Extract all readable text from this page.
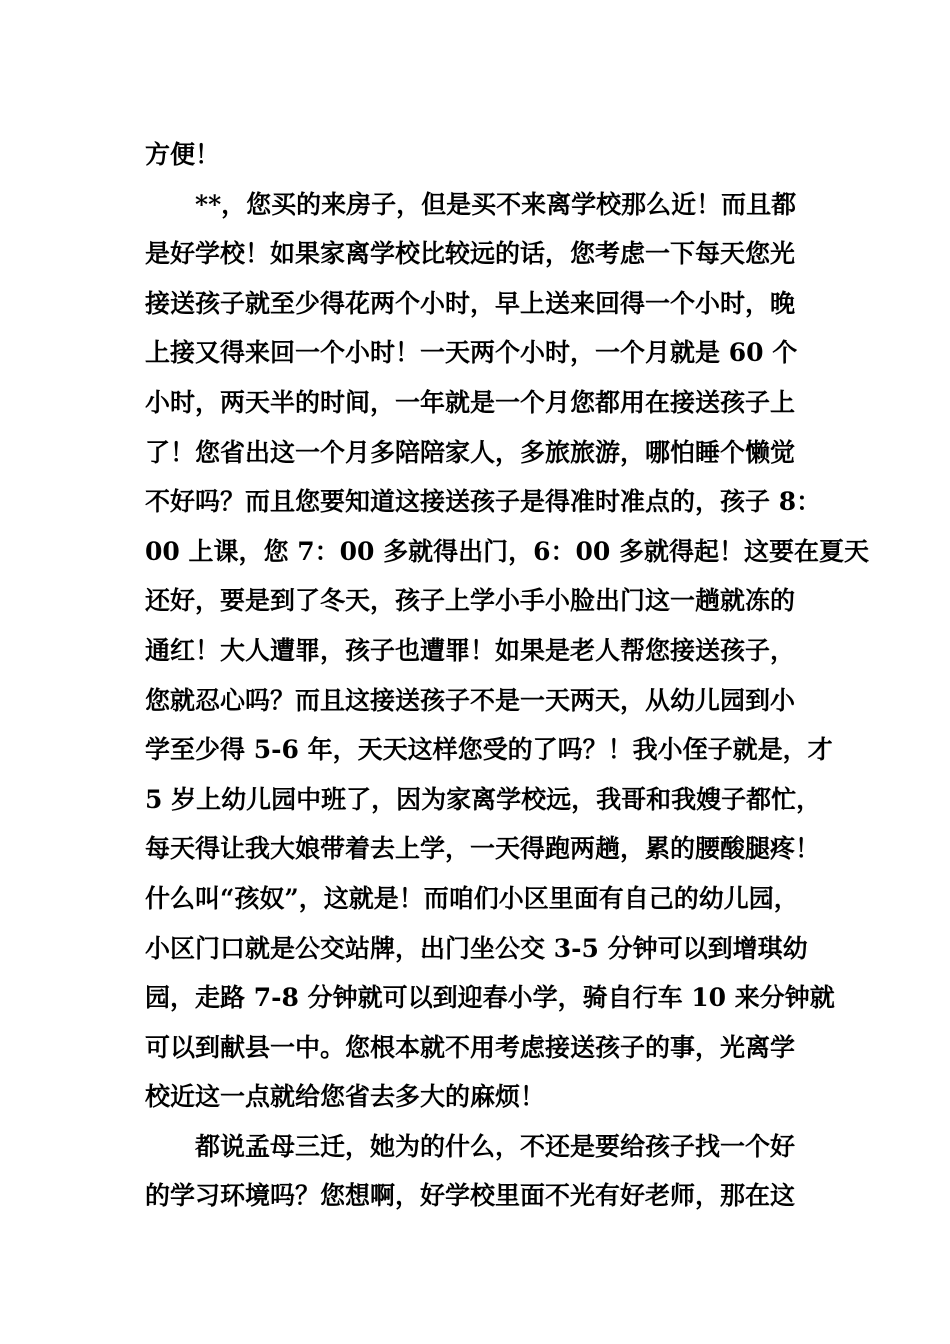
方便！
**，您买的来房子，但是买不来离学校那么近！而且都
是好学校！如果家离学校比较远的话，您考虑一下每天您光
接送孩子就至少得花两个小时，早上送来回得一个小时，晚
上接又得来回一个小时！一天两个小时，一个月就是 60 个
小时，两天半的时间，一年就是一个月您都用在接送孩子上
了！您省出这一个月多陪陪家人，多旅旅游，哪怕睡个懒觉
不好吗？而且您要知道这接送孩子是得准时准点的，孩子 8：
00 上课，您 7：00 多就得出门，6：00 多就得起！这要在夏天
还好，要是到了冬天，孩子上学小手小脸出门这一趟就冻的
通红！大人遭罪，孩子也遭罪！如果是老人帮您接送孩子，
您就忍心吗？而且这接送孩子不是一天两天，从幼儿园到小
学至少得 5-6 年，天天这样您受的了吗？！我小侄子就是，才
5 岁上幼儿园中班了，因为家离学校远，我哥和我嫂子都忙，
每天得让我大娘带着去上学，一天得跑两趟，累的腰酸腿疼！
什么叫“孩奴”，这就是！而咱们小区里面有自己的幼儿园，
小区门口就是公交站牌，出门坐公交 3-5 分钟可以到增琪幼
园，走路 7-8 分钟就可以到迎春小学，骑自行车 10 来分钟就
可以到献县一中。您根本就不用考虑接送孩子的事，光离学
校近这一点就给您省去多大的麻烦！
都说孟母三迁，她为的什么，不还是要给孩子找一个好
的学习环境吗？您想啊，好学校里面不光有好老师，那在这
